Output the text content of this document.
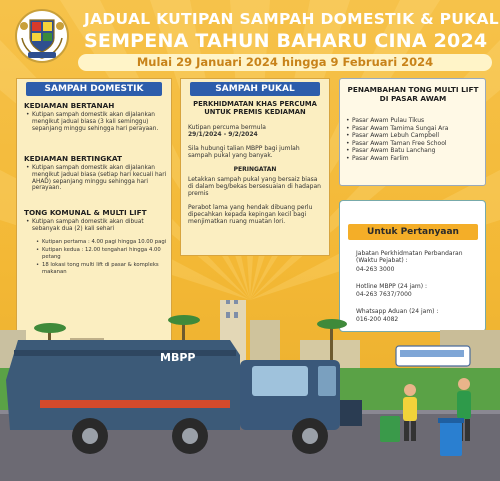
JADUAL KUTIPAN SAMPAH DOMESTIK & PUKAL
SEMPENA TAHUN BAHARU CINA 2024
Mulai 29 Januari 2024 hingga 9 Februari 2024
SAMPAH DOMESTIK
KEDIAMAN BERTANAH
• Kutipan sampah domestik akan dijalankan mengikut jadual biasa (3 kali seminggu) sepanjang minggu sehingga hari perayaan.
KEDIAMAN BERTINGKAT
• Kutipan sampah domestik akan dijalankan mengikut jadual biasa (setiap hari kecuali hari AHAD) sepanjang minggu sehingga hari perayaan.
TONG KOMUNAL & MULTI LIFT
• Kutipan sampah domestik akan dibuat sebanyak dua (2) kali sehari
• Kutipan pertama : 4.00 pagi hingga 10.00 pagi
• Kutipan kedua : 12.00 tengahari hingga 4.00 petang
• 18 lokasi tong multi lift di pasar & kompleks makanan
SAMPAH PUKAL
PERKHIDMATAN KHAS PERCUMA UNTUK PREMIS KEDIAMAN
Kutipan percuma bermula
29/1/2024 - 9/2/2024
Sila hubungi talian MBPP bagi jumlah sampah pukal yang banyak.
PERINGATAN
Letakkan sampah pukal yang bersaiz biasa di dalam beg/bekas bersesuaian di hadapan premis
Perabot lama yang hendak dibuang perlu dipecahkan kepada kepingan kecil bagi menjimatkan ruang muatan lori.
PENAMBAHAN TONG MULTI LIFT DI PASAR AWAM
• Pasar Awam Pulau Tikus
• Pasar Awam Tamima Sungai Ara
• Pasar Awam Lebuh Campbell
• Pasar Awam Taman Free School
• Pasar Awam Batu Lanchang
• Pasar Awam Farlim
Untuk Pertanyaan
Jabatan Perkhidmatan Perbandaran (Waktu Pejabat) :
04-263 3000
Hotline MBPP (24 jam) :
04-263 7637/7000
Whatsapp Aduan (24 jam) :
016-200 4082
MBPP
